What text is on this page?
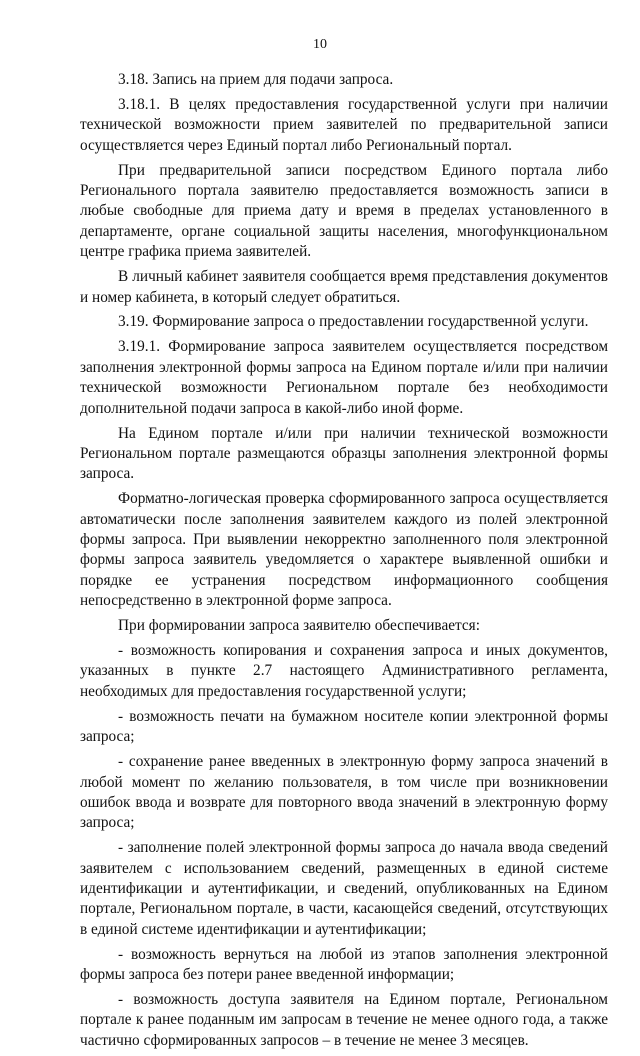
10

3.18. Запись на прием для подачи запроса.

3.18.1. В целях предоставления государственной услуги при наличии технической возможности прием заявителей по предварительной записи осуществляется через Единый портал либо Региональный портал.

При предварительной записи посредством Единого портала либо Регионального портала заявителю предоставляется возможность записи в любые свободные для приема дату и время в пределах установленного в департаменте, органе социальной защиты населения, многофункциональном центре графика приема заявителей.

В личный кабинет заявителя сообщается время представления документов и номер кабинета, в который следует обратиться.

3.19. Формирование запроса о предоставлении государственной услуги.

3.19.1. Формирование запроса заявителем осуществляется посредством заполнения электронной формы запроса на Едином портале и/или при наличии технической возможности Региональном портале без необходимости дополнительной подачи запроса в какой-либо иной форме.

На Едином портале и/или при наличии технической возможности Региональном портале размещаются образцы заполнения электронной формы запроса.

Форматно-логическая проверка сформированного запроса осуществляется автоматически после заполнения заявителем каждого из полей электронной формы запроса. При выявлении некорректно заполненного поля электронной формы запроса заявитель уведомляется о характере выявленной ошибки и порядке ее устранения посредством информационного сообщения непосредственно в электронной форме запроса.

При формировании запроса заявителю обеспечивается:

- возможность копирования и сохранения запроса и иных документов, указанных в пункте 2.7 настоящего Административного регламента, необходимых для предоставления государственной услуги;

- возможность печати на бумажном носителе копии электронной формы запроса;

- сохранение ранее введенных в электронную форму запроса значений в любой момент по желанию пользователя, в том числе при возникновении ошибок ввода и возврате для повторного ввода значений в электронную форму запроса;

- заполнение полей электронной формы запроса до начала ввода сведений заявителем с использованием сведений, размещенных в единой системе идентификации и аутентификации, и сведений, опубликованных на Едином портале, Региональном портале, в части, касающейся сведений, отсутствующих в единой системе идентификации и аутентификации;

- возможность вернуться на любой из этапов заполнения электронной формы запроса без потери ранее введенной информации;

- возможность доступа заявителя на Едином портале, Региональном портале к ранее поданным им запросам в течение не менее одного года, а также частично сформированных запросов – в течение не менее 3 месяцев.
